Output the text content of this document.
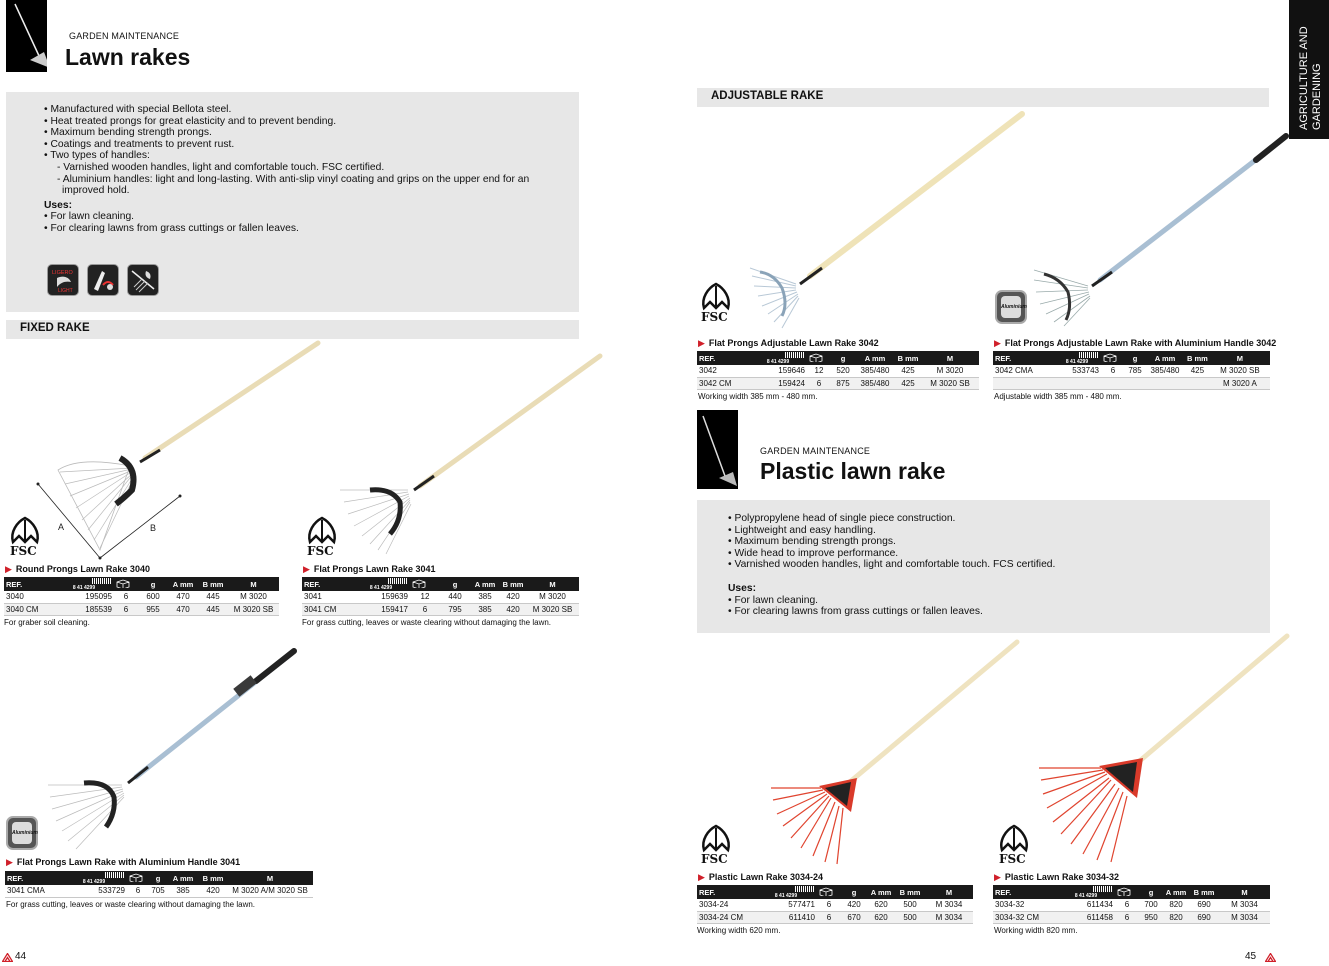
GARDEN MAINTENANCE
Lawn rakes
• Manufactured with special Bellota steel.
• Heat treated prongs for great elasticity and to prevent bending.
• Maximum bending strength prongs.
• Coatings and treatments to prevent rust.
• Two types of handles:
- Varnished wooden handles, light and comfortable touch. FSC certified.
- Aluminium handles: light and long-lasting. With anti-slip vinyl coating and grips on the upper end for an
improved hold.
Uses:
• For lawn cleaning.
• For clearing lawns from grass cuttings or fallen leaves.
LIGERO
LIGHT
FIXED RAKE
A	B
FSC	FSC
▶ Round Prongs Lawn Rake 3040
REF.	8 41 4299		g	A mm	B mm	M
3040	195095	6	600	470	445	M 3020
3040 CM	185539	6	955	470	445	M 3020 SB
For graber soil cleaning.
▶ Flat Prongs Lawn Rake 3041
REF.	8 41 4299		g	A mm	B mm	M
3041	159639	12	440	385	420	M 3020
3041 CM	159417	6	795	385	420	M 3020 SB
For grass cutting, leaves or waste clearing without damaging the lawn.
Aluminium
▶ Flat Prongs Lawn Rake with Aluminium Handle 3041
REF.	8 41 4299		g	A mm	B mm	M
3041 CMA	533729	6	705	385	420	M 3020 A/M 3020 SB
For grass cutting, leaves or waste clearing without damaging the lawn.
44
ADJUSTABLE RAKE
FSC
Aluminium
▶ Flat Prongs Adjustable Lawn Rake 3042
REF.	8 41 4299		g	A mm	B mm	M
3042	159646	12	520	385/480	425	M 3020
3042 CM	159424	6	875	385/480	425	M 3020 SB
Working width 385 mm - 480 mm.
▶ Flat Prongs Adjustable Lawn Rake with Aluminium Handle 3042
REF.	8 41 4299		g	A mm	B mm	M
3042 CMA	533743	6	785	385/480	425	M 3020 SB
						M 3020 A
Adjustable width 385 mm - 480 mm.
GARDEN MAINTENANCE
Plastic lawn rake
• Polypropylene head of single piece construction.
• Lightweight and easy handling.
• Maximum bending strength prongs.
• Wide head to improve performance.
• Varnished wooden handles, light and comfortable touch. FCS certified.
Uses:
• For lawn cleaning.
• For clearing lawns from grass cuttings or fallen leaves.
FSC	FSC
▶ Plastic Lawn Rake 3034-24
REF.	8 41 4299		g	A mm	B mm	M
3034-24	577471	6	420	620	500	M 3034
3034-24 CM	611410	6	670	620	500	M 3034
Working width 620 mm.
▶ Plastic Lawn Rake 3034-32
REF.	8 41 4299		g	A mm	B mm	M
3034-32	611434	6	700	820	690	M 3034
3034-32 CM	611458	6	950	820	690	M 3034
Working width 820 mm.
AGRICULTURE AND GARDENING
45
